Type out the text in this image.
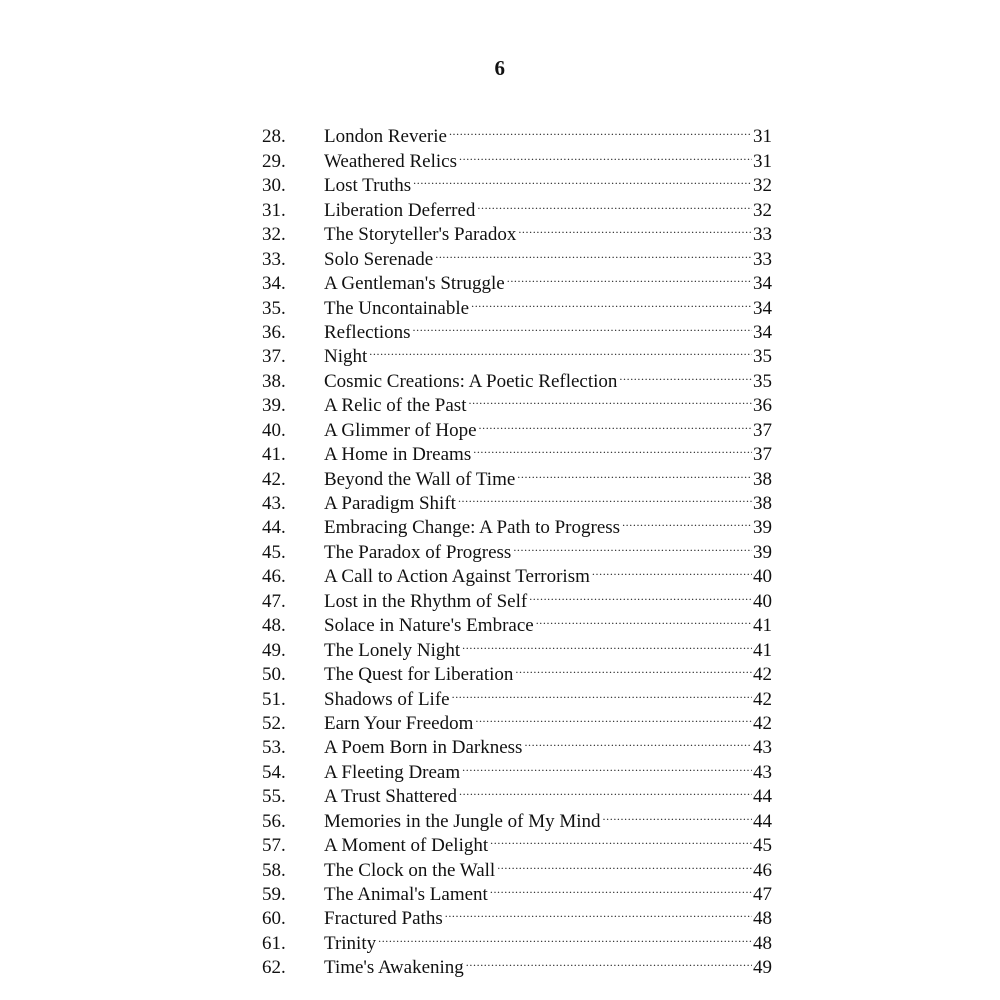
6
28.	London Reverie .....	31
29.	Weathered Relics .....	31
30.	Lost Truths .....	32
31.	Liberation Deferred .....	32
32.	The Storyteller's Paradox .....	33
33.	Solo Serenade .....	33
34.	A Gentleman's Struggle .....	34
35.	The Uncontainable .....	34
36.	Reflections .....	34
37.	Night .....	35
38.	Cosmic Creations: A Poetic Reflection .....	35
39.	A Relic of the Past .....	36
40.	A Glimmer of Hope .....	37
41.	A Home in Dreams .....	37
42.	Beyond the Wall of Time .....	38
43.	A Paradigm Shift .....	38
44.	Embracing Change: A Path to Progress .....	39
45.	The Paradox of Progress .....	39
46.	A Call to Action Against Terrorism .....	40
47.	Lost in the Rhythm of Self .....	40
48.	Solace in Nature's Embrace .....	41
49.	The Lonely Night .....	41
50.	The Quest for Liberation .....	42
51.	Shadows of Life .....	42
52.	Earn Your Freedom .....	42
53.	A Poem Born in Darkness .....	43
54.	A Fleeting Dream .....	43
55.	A Trust Shattered .....	44
56.	Memories in the Jungle of My Mind .....	44
57.	A Moment of Delight .....	45
58.	The Clock on the Wall .....	46
59.	The Animal's Lament .....	47
60.	Fractured Paths .....	48
61.	Trinity .....	48
62.	Time's Awakening .....	49
